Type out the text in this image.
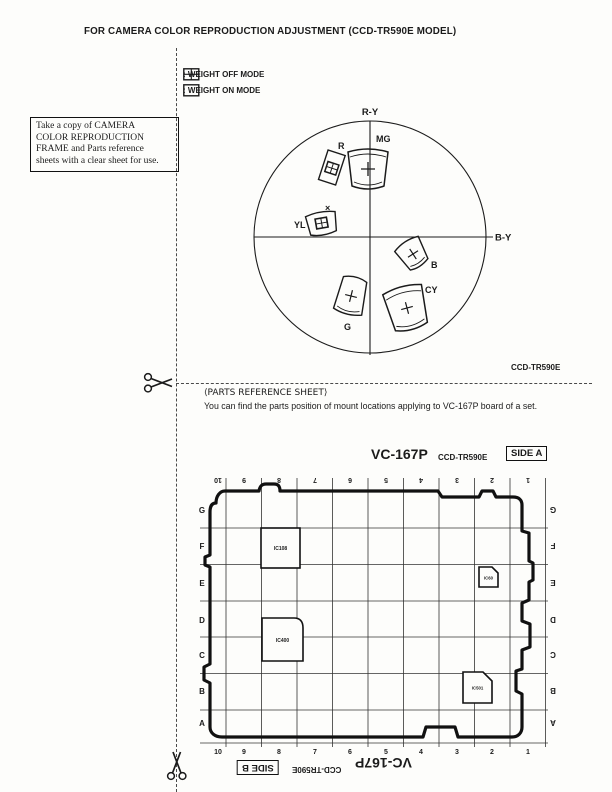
FOR CAMERA COLOR REPRODUCTION ADJUSTMENT (CCD-TR590E MODEL)
: WEIGHT OFF MODE
: WEIGHT ON MODE
Take a copy of CAMERA
COLOR REPRODUCTION
FRAME and Parts reference
sheets with a clear sheet for use.
R-Y
B-Y
MG
R
×
YL
B
CY
G
CCD-TR590E
⟨PARTS REFERENCE SHEET⟩
You can find the parts position of mount locations applying to VC-167P board of a set.
VC-167P CCD-TR590E	SIDE A
IC108
IC60
IC400
IC501
10	9	8	7	6	5	4	3	2	1
10	9	8	7	6	5	4	3	2	1
G
F
E
D
C
B
A
G
F
E
D
C
B
A
SIDE B	CCD-TR590E VC-167P
